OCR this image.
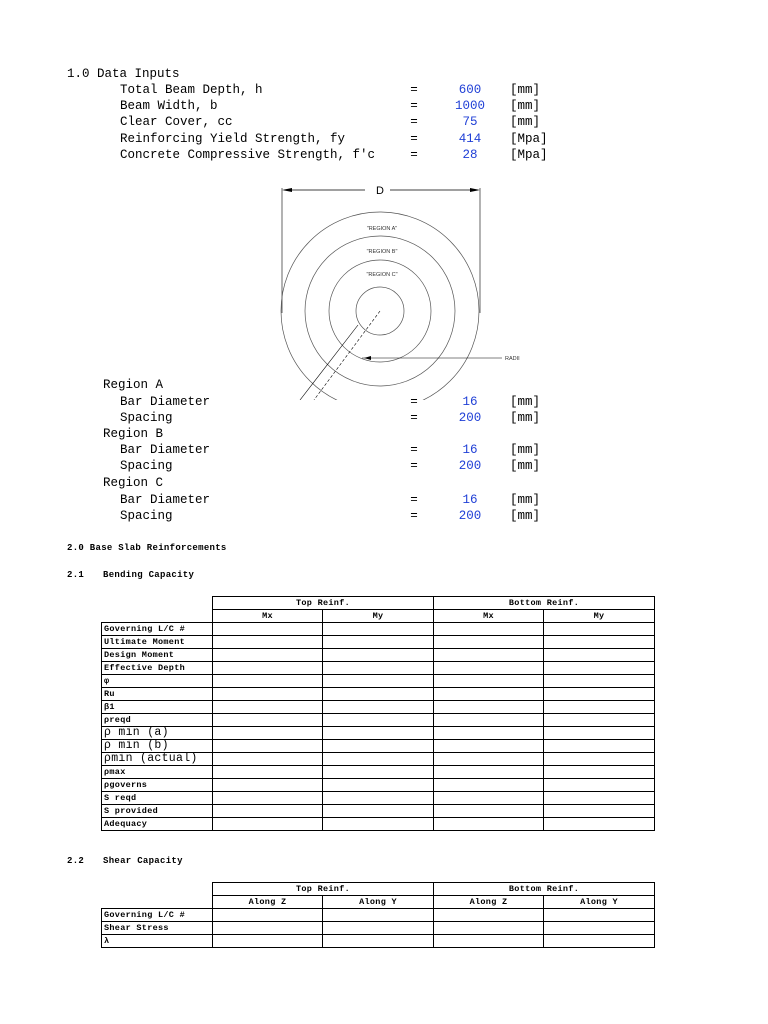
1.0 Data Inputs
Total Beam Depth, h	=	600	[mm]
Beam Width, b	=	1000	[mm]
Clear Cover, cc	=	75	[mm]
Reinforcing Yield Strength, fy	=	414	[Mpa]
Concrete Compressive Strength, f'c	=	28	[Mpa]
D
"REGION A"
"REGION B"
"REGION C"
RADII
Region A
Bar Diameter	=	16	[mm]
Spacing	=	200	[mm]
Region B
Bar Diameter	=	16	[mm]
Spacing	=	200	[mm]
Region C
Bar Diameter	=	16	[mm]
Spacing	=	200	[mm]
2.0 Base Slab Reinforcements
2.1 Bending Capacity
	Top Reinf.		Bottom Reinf.	
	Mx	My	Mx	My
Governing L/C #				
Ultimate Moment				
Design Moment				
Effective Depth				
φ				
Ru				
β1				
ρreqd				
ρ min (a)				
ρ min (b)				
ρmin (actual)				
ρmax				
ρgoverns				
S reqd				
S provided				
Adequacy				
2.2 Shear Capacity
	Top Reinf.		Bottom Reinf.	
	Along Z	Along Y	Along Z	Along Y
Governing L/C #				
Shear Stress				
λ				
